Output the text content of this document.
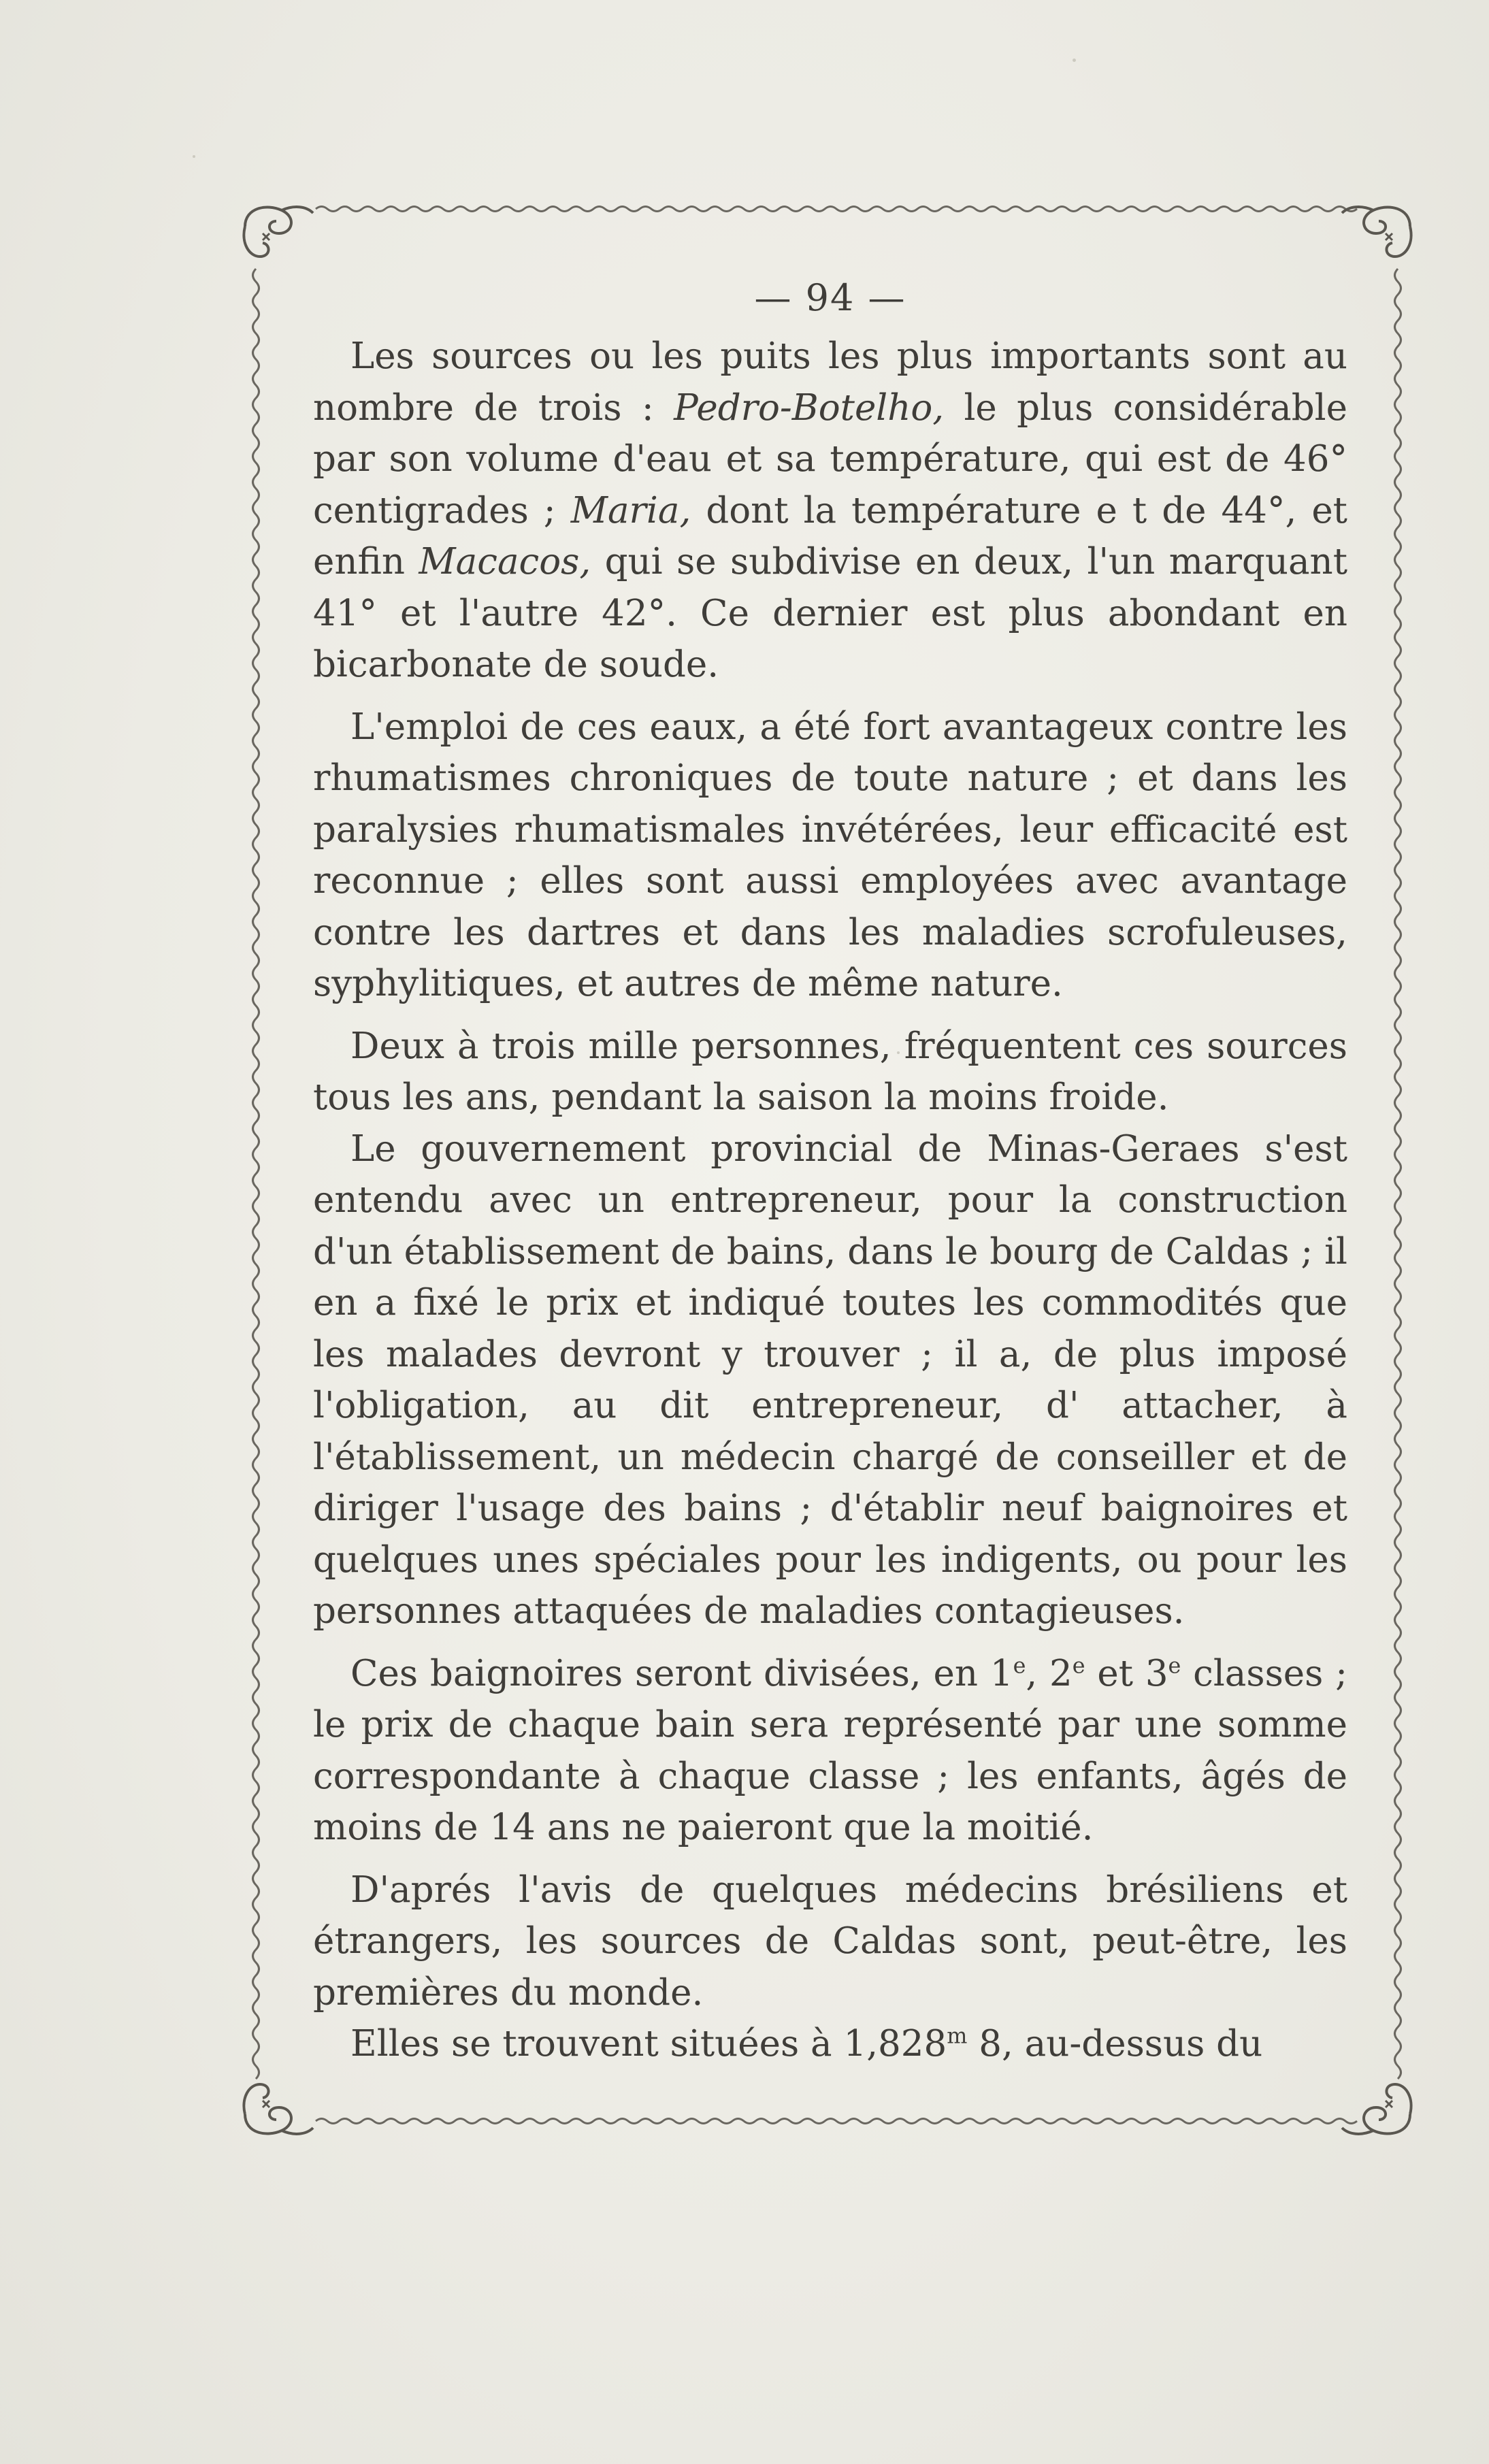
— 94 —

Les sources ou les puits les plus importants sont au nombre de trois : Pedro-Botelho, le plus considérable par son volume d'eau et sa température, qui est de 46° centigrades ; Maria, dont la température e t de 44°, et enfin Macacos, qui se subdivise en deux, l'un marquant 41° et l'autre 42°. Ce dernier est plus abondant en bicarbonate de soude.

L'emploi de ces eaux, a été fort avantageux contre les rhumatismes chroniques de toute nature ; et dans les paralysies rhumatismales invétérées, leur efficacité est reconnue ; elles sont aussi employées avec avantage contre les dartres et dans les maladies scrofuleuses, syphylitiques, et autres de même nature.

Deux à trois mille personnes, fréquentent ces sources tous les ans, pendant la saison la moins froide.

Le gouvernement provincial de Minas-Geraes s'est entendu avec un entrepreneur, pour la construction d'un établissement de bains, dans le bourg de Caldas ; il en a fixé le prix et indiqué toutes les commodités que les malades devront y trouver ; il a, de plus imposé l'obligation, au dit entrepreneur, d' attacher, à l'établissement, un médecin chargé de conseiller et de diriger l'usage des bains ; d'établir neuf baignoires et quelques unes spéciales pour les indigents, ou pour les personnes attaquées de maladies contagieuses.

Ces baignoires seront divisées, en 1e, 2e et 3e classes ; le prix de chaque bain sera représenté par une somme correspondante à chaque classe ; les enfants, âgés de moins de 14 ans ne paieront que la moitié.

D'aprés l'avis de quelques médecins brésiliens et étrangers, les sources de Caldas sont, peut-être, les premières du monde.

Elles se trouvent situées à 1,828$^m$ 8, au-dessus du
